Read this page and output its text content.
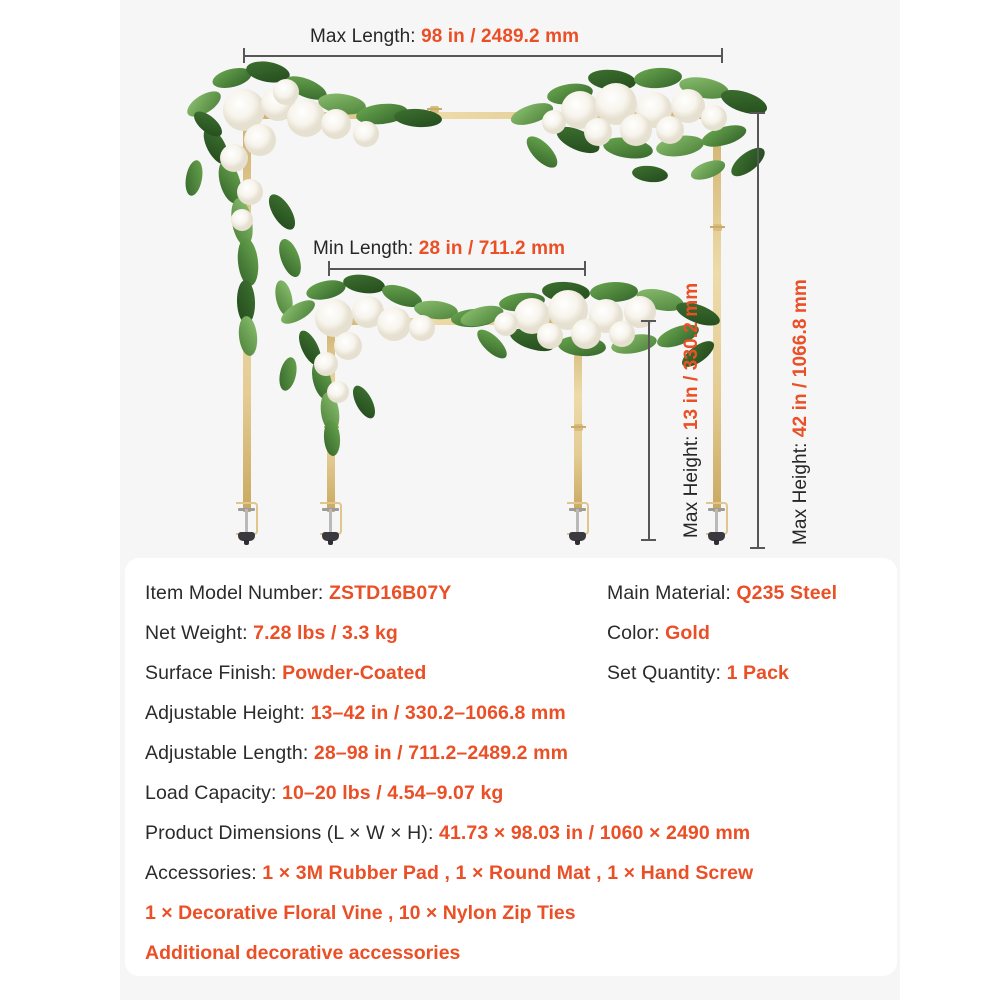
Max Length: 98 in / 2489.2 mm
Min Length: 28 in / 711.2 mm
Max Height: 42 in / 1066.8 mm
Max Height: 13 in / 330.2 mm
Item Model Number: ZSTD16B07Y	Main Material: Q235 Steel
Net Weight: 7.28 lbs / 3.3 kg	Color: Gold
Surface Finish: Powder-Coated	Set Quantity: 1 Pack
Adjustable Height: 13–42 in / 330.2–1066.8 mm
Adjustable Length: 28–98 in / 711.2–2489.2 mm
Load Capacity: 10–20 lbs / 4.54–9.07 kg
Product Dimensions (L × W × H): 41.73 × 98.03 in / 1060 × 2490 mm
Accessories: 1 × 3M Rubber Pad , 1 × Round Mat , 1 × Hand Screw
1 × Decorative Floral Vine , 10 × Nylon Zip Ties
Additional decorative accessories
